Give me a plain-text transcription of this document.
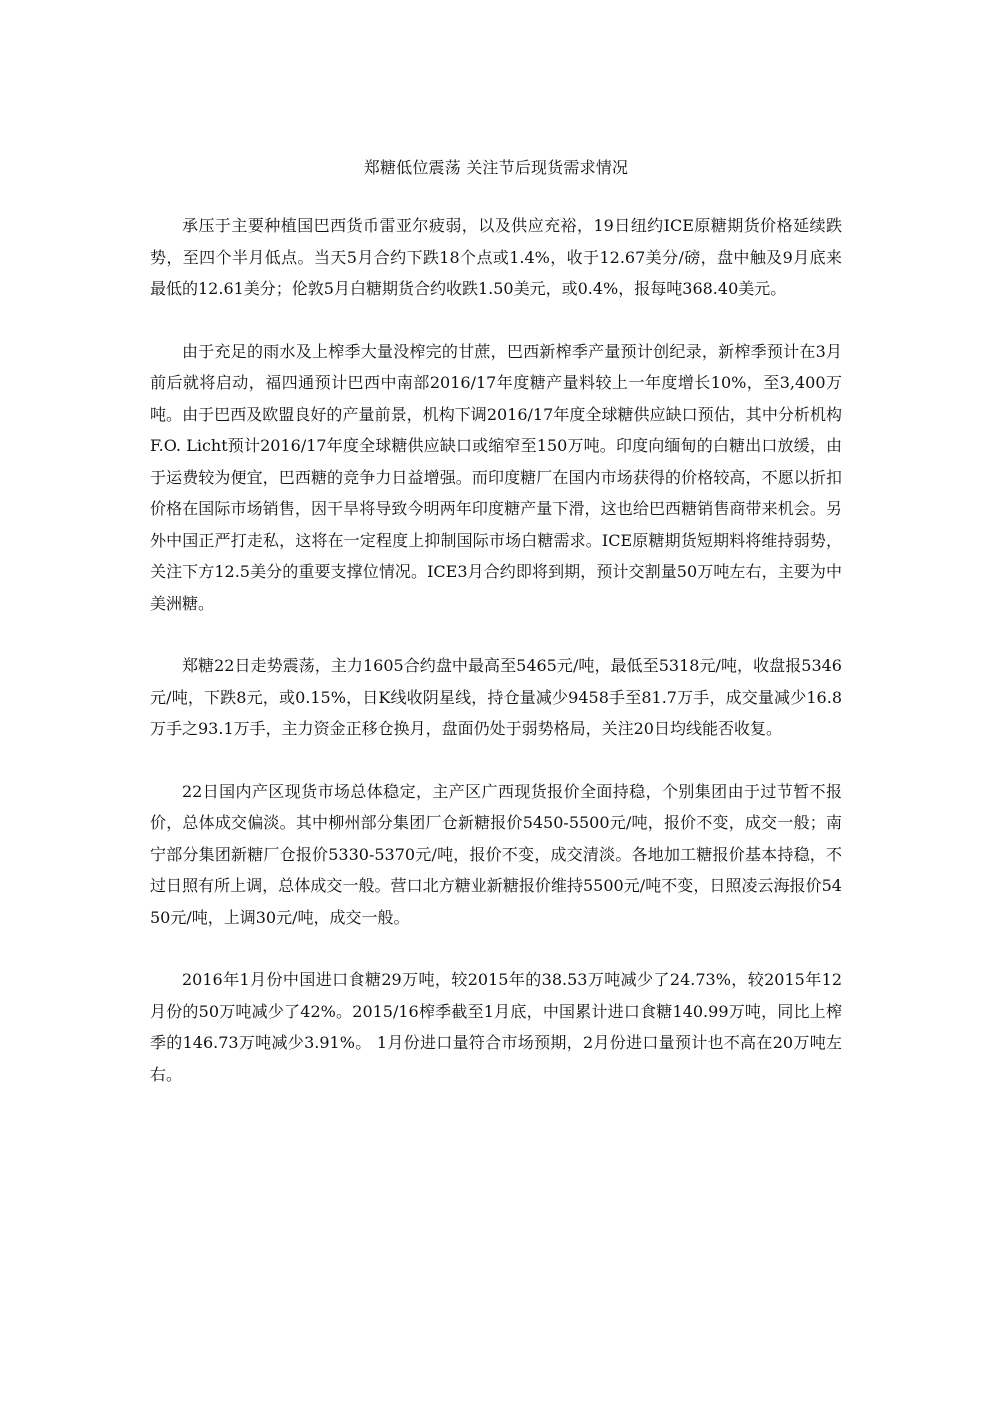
郑糖低位震荡 关注节后现货需求情况

承压于主要种植国巴西货币雷亚尔疲弱，以及供应充裕，19日纽约ICE原糖期货价格延续跌势，至四个半月低点。当天5月合约下跌18个点或1.4%，收于12.67美分/磅，盘中触及9月底来最低的12.61美分；伦敦5月白糖期货合约收跌1.50美元，或0.4%，报每吨368.40美元。

由于充足的雨水及上榨季大量没榨完的甘蔗，巴西新榨季产量预计创纪录，新榨季预计在3月前后就将启动，福四通预计巴西中南部2016/17年度糖产量料较上一年度增长10%，至3,400万吨。由于巴西及欧盟良好的产量前景，机构下调2016/17年度全球糖供应缺口预估，其中分析机构F.O. Licht预计2016/17年度全球糖供应缺口或缩窄至150万吨。印度向缅甸的白糖出口放缓，由于运费较为便宜，巴西糖的竞争力日益增强。而印度糖厂在国内市场获得的价格较高，不愿以折扣价格在国际市场销售，因干旱将导致今明两年印度糖产量下滑，这也给巴西糖销售商带来机会。另外中国正严打走私，这将在一定程度上抑制国际市场白糖需求。ICE原糖期货短期料将维持弱势，关注下方12.5美分的重要支撑位情况。ICE3月合约即将到期，预计交割量50万吨左右，主要为中美洲糖。

郑糖22日走势震荡，主力1605合约盘中最高至5465元/吨，最低至5318元/吨，收盘报5346元/吨，下跌8元，或0.15%，日K线收阴星线，持仓量减少9458手至81.7万手，成交量减少16.8万手之93.1万手，主力资金正移仓换月，盘面仍处于弱势格局，关注20日均线能否收复。

22日国内产区现货市场总体稳定，主产区广西现货报价全面持稳，个别集团由于过节暂不报价，总体成交偏淡。其中柳州部分集团厂仓新糖报价5450-5500元/吨，报价不变，成交一般；南宁部分集团新糖厂仓报价5330-5370元/吨，报价不变，成交清淡。各地加工糖报价基本持稳，不过日照有所上调，总体成交一般。营口北方糖业新糖报价维持5500元/吨不变，日照凌云海报价5450元/吨，上调30元/吨，成交一般。

2016年1月份中国进口食糖29万吨，较2015年的38.53万吨减少了24.73%，较2015年12月份的50万吨减少了42%。2015/16榨季截至1月底，中国累计进口食糖140.99万吨，同比上榨季的146.73万吨减少3.91%。 1月份进口量符合市场预期，2月份进口量预计也不高在20万吨左右。
